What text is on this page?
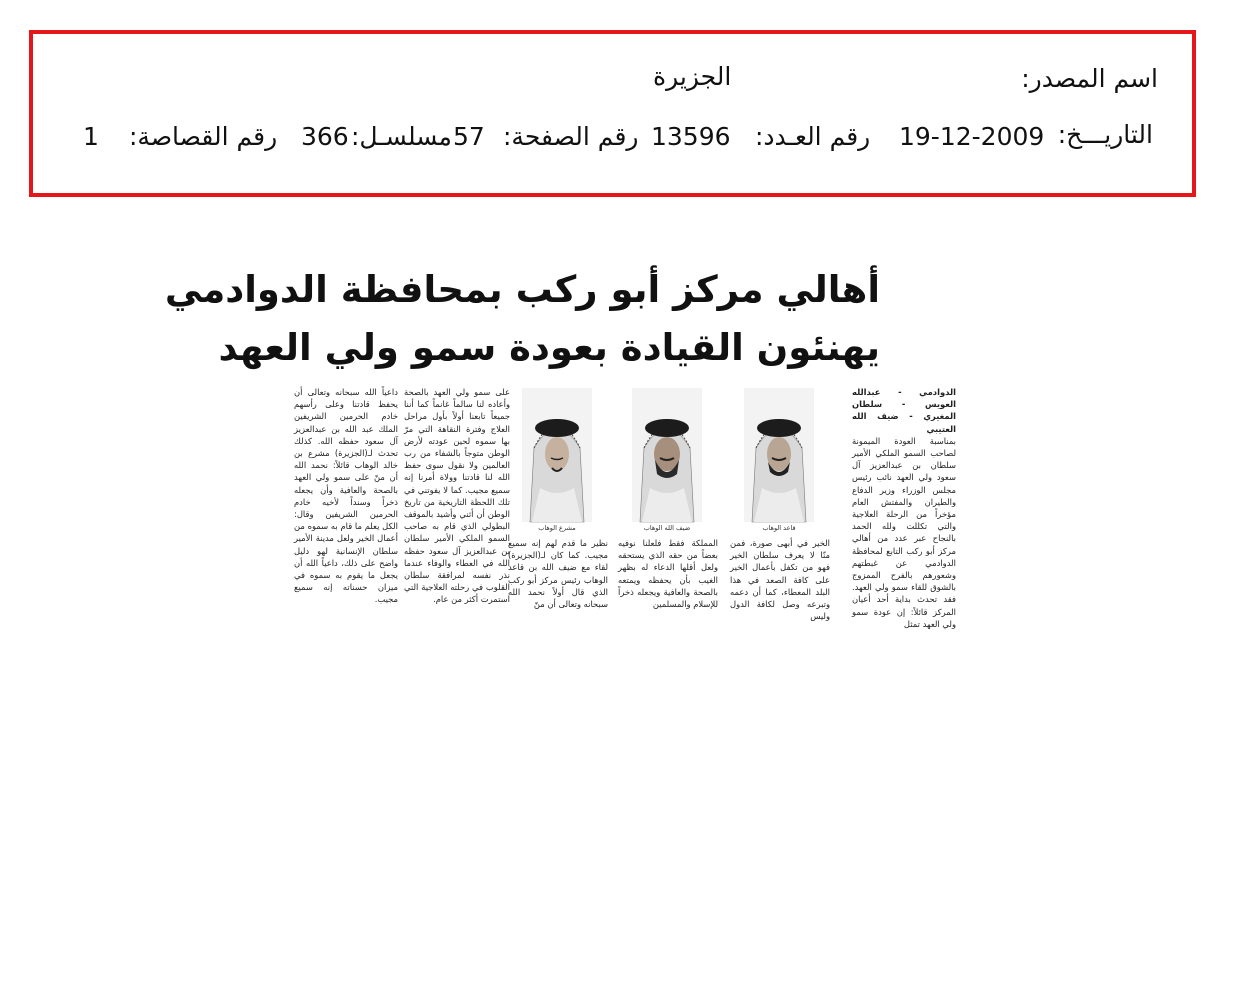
اسم المصدر:
الجزيرة
التاريـــخ:
19-12-2009
رقم العـدد:
13596
رقم الصفحة:
57
مسلسـل:
366
رقم القصاصة:
1
أهالي مركز أبو ركب بمحافظة الدوادمي
يهنئون القيادة بعودة سمو ولي العهد
الدوادمي - عبدالله العويس - سلطان المغيري - ضيف الله العتيبي
بمناسبة العودة الميمونة لصاحب السمو الملكي الأمير سلطان بن عبدالعزيز آل سعود ولي العهد نائب رئيس مجلس الوزراء وزير الدفاع والطيران والمفتش العام مؤخراً من الرحلة العلاجية والتي تكللت ولله الحمد بالنجاح عبر عدد من أهالي مركز أبو ركب التابع لمحافظة الدوادمي عن غبطتهم وشعورهم بالفرح الممزوج بالشوق للقاء سمو ولي العهد. فقد تحدث بداية أحد أعيان المركز قائلاً: إن عودة سمو ولي العهد تمثل
قاعد الوهاب
ضيف الله الوهاب
مشرع الوهاب
الخير في أبهى صورة، فمن منّا لا يعرف سلطان الخير فهو من تكفل بأعمال الخير على كافة الصعد في هذا البلد المعطاء، كما أن دعمه وتبرعه وصل لكافة الدول وليس
المملكة فقط فلعلنا نوفيه بعضاً من حقه الذي يستحقه ولعل أقلها الدعاء له بظهر الغيب بأن يحفظه ويمتعه بالصحة والعافية ويجعله ذخراً للإسلام والمسلمين
نظير ما قدم لهم إنه سميع مجيب. كما كان لـ(الجزيرة) لقاء مع ضيف الله بن قاعد الوهاب رئيس مركز أبو ركب الذي قال أولاً نحمد الله سبحانه وتعالى أن منّ
على سمو ولي العهد بالصحة وأعاده لنا سالماً غانماً كما أننا جميعاً تابعنا أولاً بأول مراحل العلاج وفترة النقاهة التي مرّ بها سموه لحين عودته لأرض الوطن متوجاً بالشفاء من رب العالمين ولا نقول سوى حفظ الله لنا قادتنا وولاة أمرنا إنه سميع مجيب. كما لا يفوتني في تلك اللحظة التاريخية من تاريخ الوطن أن أثني وأشيد بالموقف البطولي الذي قام به صاحب السمو الملكي الأمير سلطان بن عبدالعزيز آل سعود حفظه الله في العطاء والوفاء عندما نذر نفسه لمرافقة سلطان القلوب في رحلته العلاجية التي استمرت أكثر من عام.
داعياً الله سبحانه وتعالى أن يحفظ قادتنا وعلى رأسهم خادم الحرمين الشريفين الملك عبد الله بن عبدالعزيز آل سعود حفظه الله. كذلك تحدث لـ(الجزيرة) مشرع بن خالد الوهاب قائلاً: نحمد الله أن منّ على سمو ولي العهد بالصحة والعافية وأن يجعله ذخراً وسنداً لأخيه خادم الحرمين الشريفين وقال: الكل يعلم ما قام به سموه من أعمال الخير ولعل مدينة الأمير سلطان الإنسانية لهو دليل واضح على ذلك، داعياً الله أن يجعل ما يقوم به سموه في ميزان حسناته إنه سميع مجيب.
